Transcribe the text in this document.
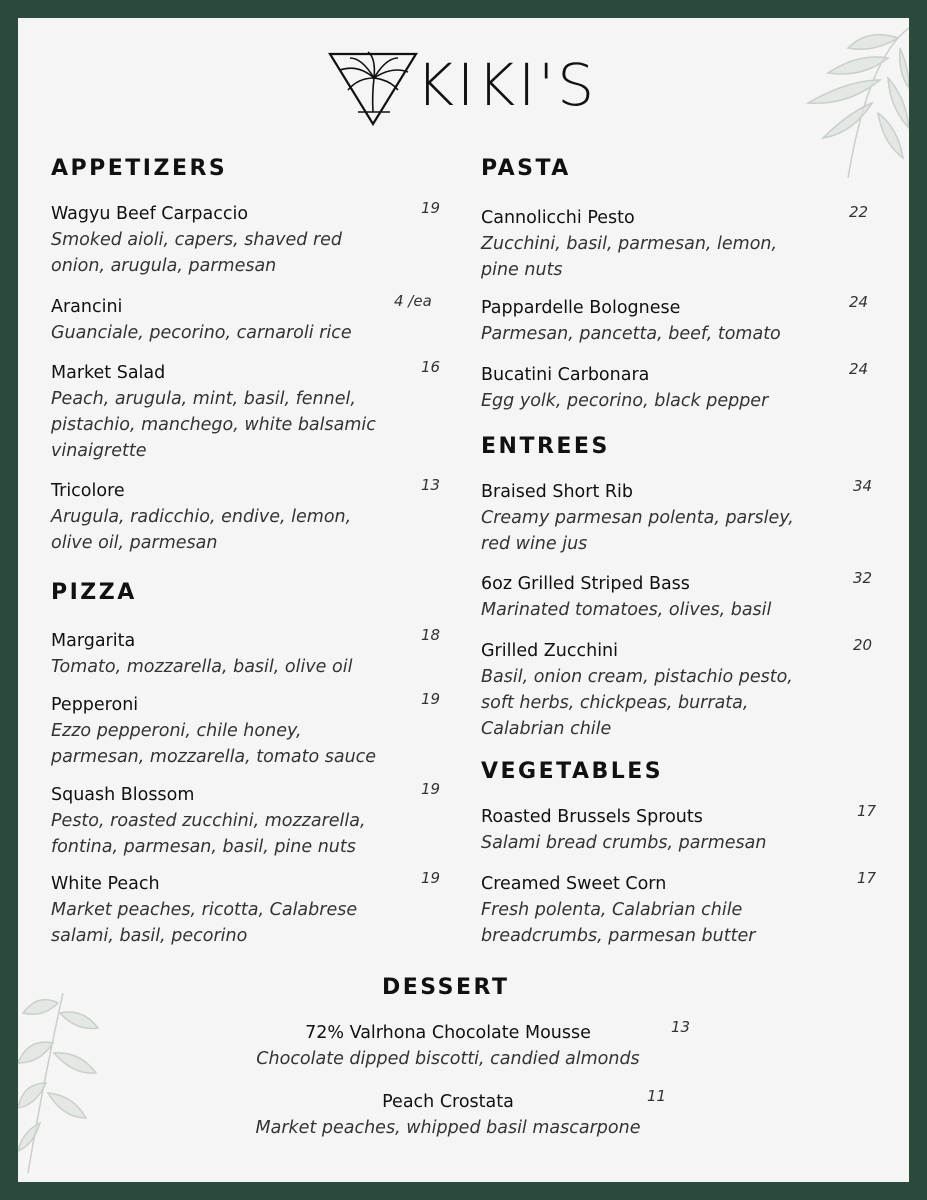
KIKI'S
APPETIZERS
Wagyu Beef Carpaccio
Smoked aioli, capers, shaved red
onion, arugula, parmesan
19
Arancini
Guanciale, pecorino, carnaroli rice
4 /ea
Market Salad
Peach, arugula, mint, basil, fennel,
pistachio, manchego, white balsamic
vinaigrette
16
Tricolore
Arugula, radicchio, endive, lemon,
olive oil, parmesan
13
PIZZA
Margarita
Tomato, mozzarella, basil, olive oil
18
Pepperoni
Ezzo pepperoni, chile honey,
parmesan, mozzarella, tomato sauce
19
Squash Blossom
Pesto, roasted zucchini, mozzarella,
fontina, parmesan, basil, pine nuts
19
White Peach
Market peaches, ricotta, Calabrese
salami, basil, pecorino
19
PASTA
Cannolicchi Pesto
Zucchini, basil, parmesan, lemon,
pine nuts
22
Pappardelle Bolognese
Parmesan, pancetta, beef, tomato
24
Bucatini Carbonara
Egg yolk, pecorino, black pepper
24
ENTREES
Braised Short Rib
Creamy parmesan polenta, parsley,
red wine jus
34
6oz Grilled Striped Bass
Marinated tomatoes, olives, basil
32
Grilled Zucchini
Basil, onion cream, pistachio pesto,
soft herbs, chickpeas, burrata,
Calabrian chile
20
VEGETABLES
Roasted Brussels Sprouts
Salami bread crumbs, parmesan
17
Creamed Sweet Corn
Fresh polenta, Calabrian chile
breadcrumbs, parmesan butter
17
DESSERT
72% Valrhona Chocolate Mousse
Chocolate dipped biscotti, candied almonds
13
Peach Crostata
Market peaches, whipped basil mascarpone
11
